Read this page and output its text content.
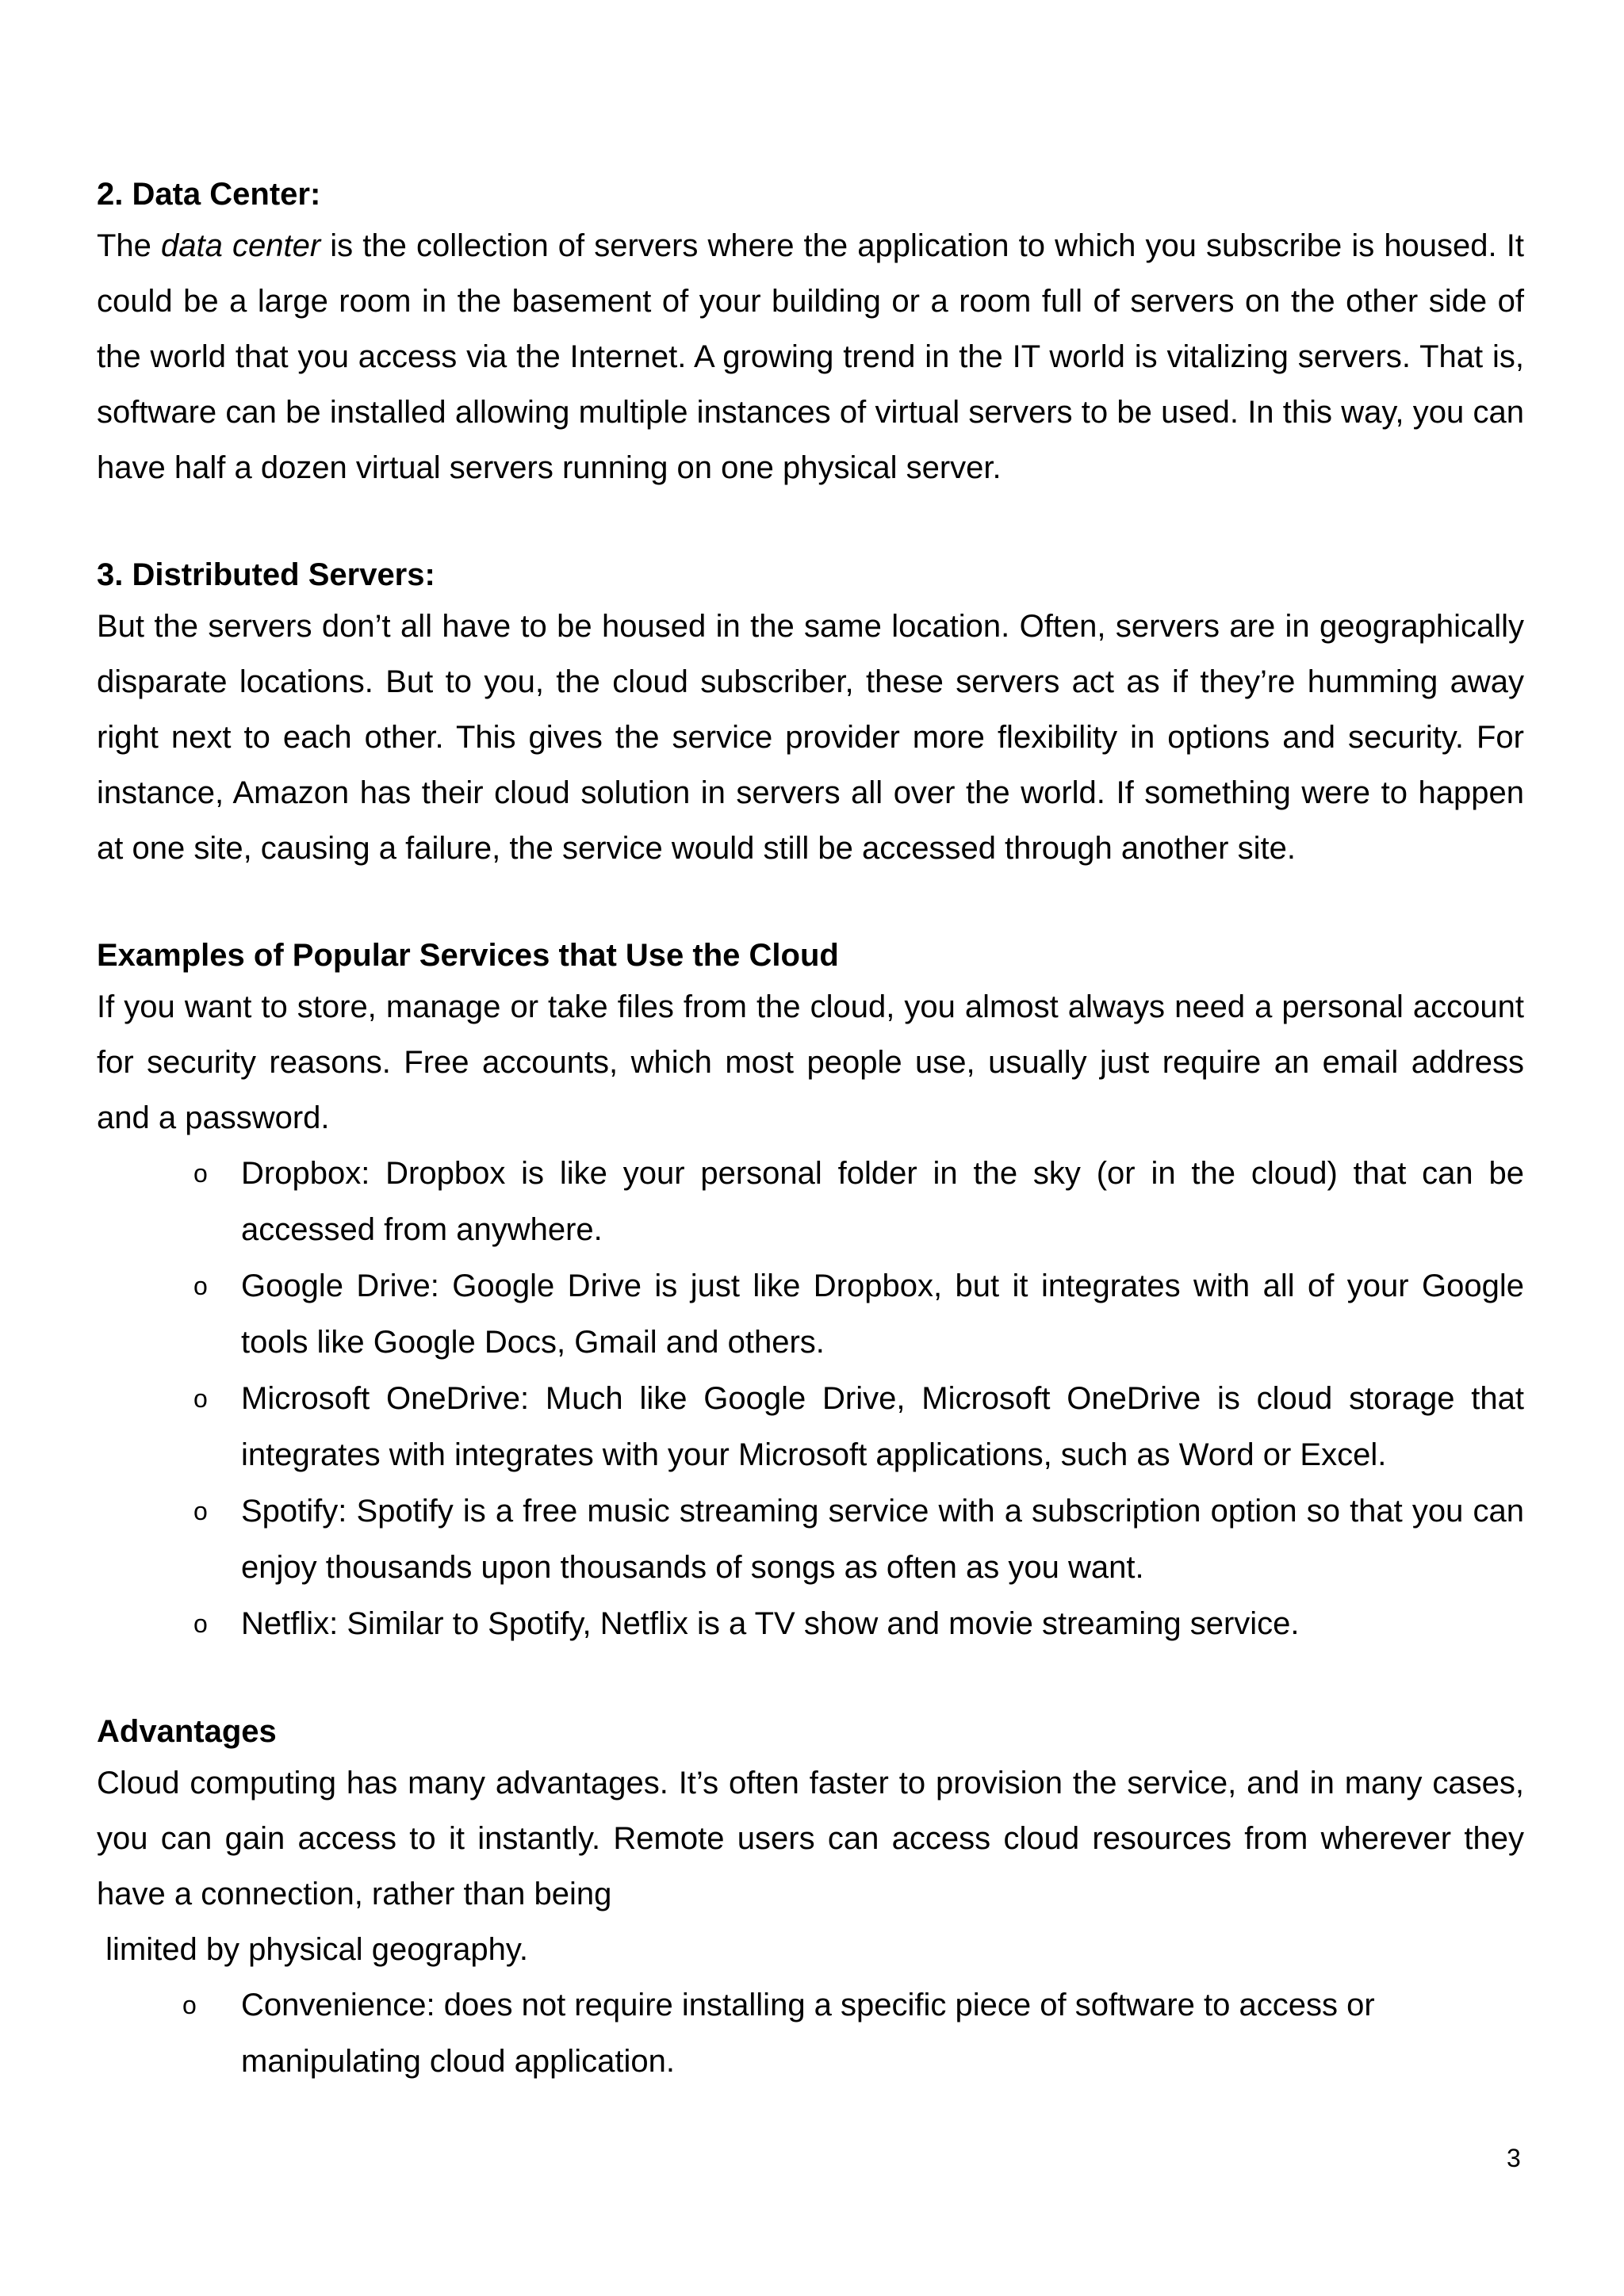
2. Data Center:

The data center is the collection of servers where the application to which you subscribe is housed. It could be a large room in the basement of your building or a room full of servers on the other side of the world that you access via the Internet. A growing trend in the IT world is vitalizing servers. That is, software can be installed allowing multiple instances of virtual servers to be used. In this way, you can have half a dozen virtual servers running on one physical server.

3. Distributed Servers:

But the servers don’t all have to be housed in the same location. Often, servers are in geographically disparate locations. But to you, the cloud subscriber, these servers act as if they’re humming away right next to each other. This gives the service provider more flexibility in options and security. For instance, Amazon has their cloud solution in servers all over the world. If something were to happen at one site, causing a failure, the service would still be accessed through another site.

Examples of Popular Services that Use the Cloud

If you want to store, manage or take files from the cloud, you almost always need a personal account for security reasons. Free accounts, which most people use, usually just require an email address and a password.

o Dropbox: Dropbox is like your personal folder in the sky (or in the cloud) that can be accessed from anywhere.
o Google Drive: Google Drive is just like Dropbox, but it integrates with all of your Google tools like Google Docs, Gmail and others.
o Microsoft OneDrive: Much like Google Drive, Microsoft OneDrive is cloud storage that integrates with integrates with your Microsoft applications, such as Word or Excel.
o Spotify: Spotify is a free music streaming service with a subscription option so that you can enjoy thousands upon thousands of songs as often as you want.
o Netflix: Similar to Spotify, Netflix is a TV show and movie streaming service.

Advantages

Cloud computing has many advantages. It’s often faster to provision the service, and in many cases, you can gain access to it instantly. Remote users can access cloud resources from wherever they have a connection, rather than being

limited by physical geography.

o Convenience: does not require installing a specific piece of software to access or manipulating cloud application.
3
